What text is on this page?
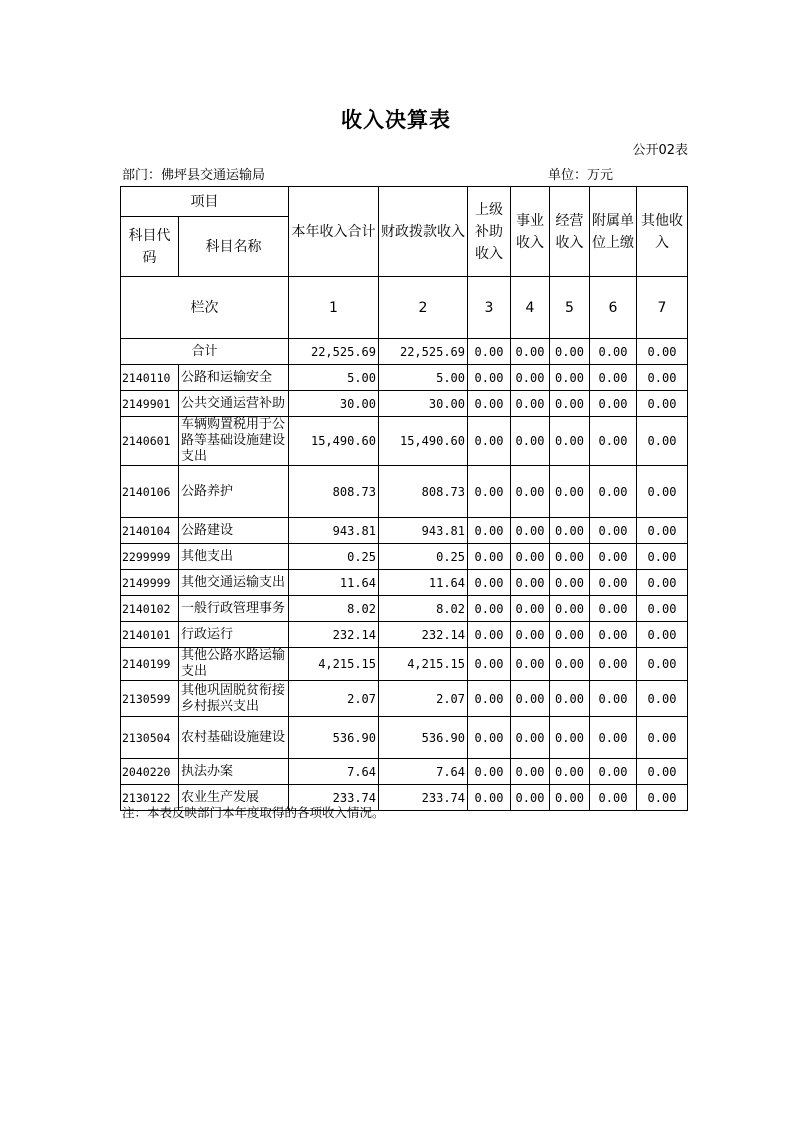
收入决算表
公开02表
部门：佛坪县交通运输局	单位：万元
项目		本年收入合计	财政拨款收入	上级补助收入	事业收入	经营收入	附属单位上缴	其他收入
科目代码	科目名称							
栏次		1	2	3	4	5	6	7
合计		22,525.69	22,525.69	0.00	0.00	0.00	0.00	0.00
2140110	公路和运输安全	5.00	5.00	0.00	0.00	0.00	0.00	0.00
2149901	公共交通运营补助	30.00	30.00	0.00	0.00	0.00	0.00	0.00
2140601	车辆购置税用于公路等基础设施建设支出	15,490.60	15,490.60	0.00	0.00	0.00	0.00	0.00
2140106	公路养护	808.73	808.73	0.00	0.00	0.00	0.00	0.00
2140104	公路建设	943.81	943.81	0.00	0.00	0.00	0.00	0.00
2299999	其他支出	0.25	0.25	0.00	0.00	0.00	0.00	0.00
2149999	其他交通运输支出	11.64	11.64	0.00	0.00	0.00	0.00	0.00
2140102	一般行政管理事务	8.02	8.02	0.00	0.00	0.00	0.00	0.00
2140101	行政运行	232.14	232.14	0.00	0.00	0.00	0.00	0.00
2140199	其他公路水路运输支出	4,215.15	4,215.15	0.00	0.00	0.00	0.00	0.00
2130599	其他巩固脱贫衔接乡村振兴支出	2.07	2.07	0.00	0.00	0.00	0.00	0.00
2130504	农村基础设施建设	536.90	536.90	0.00	0.00	0.00	0.00	0.00
2040220	执法办案	7.64	7.64	0.00	0.00	0.00	0.00	0.00
2130122	农业生产发展	233.74	233.74	0.00	0.00	0.00	0.00	0.00
注：本表反映部门本年度取得的各项收入情况。
